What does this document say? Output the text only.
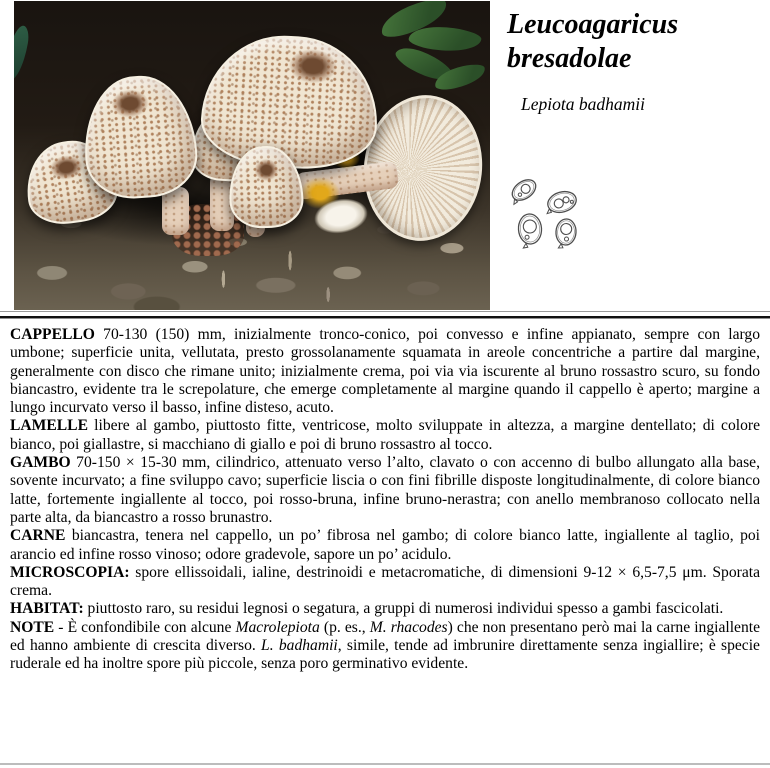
Leucoagaricus
bresadolae
Lepiota badhamii

CAPPELLO 70-130 (150) mm, inizialmente tronco-conico, poi convesso e infine appianato, sempre con largo umbone; superficie unita, vellutata, presto grossolanamente squamata in areole concentriche a partire dal margine, generalmente con disco che rimane unito; inizialmente crema, poi via via iscurente al bruno rossastro scuro, su fondo biancastro, evidente tra le screpolature, che emerge completamente al margine quando il cappello è aperto; margine a lungo incurvato verso il basso, infine disteso, acuto.

LAMELLE libere al gambo, piuttosto fitte, ventricose, molto sviluppate in altezza, a margine dentellato; di colore bianco, poi giallastre, si macchiano di giallo e poi di bruno rossastro al tocco.

GAMBO 70-150 × 15-30 mm, cilindrico, attenuato verso l’alto, clavato o con accenno di bulbo allungato alla base, sovente incurvato; a fine sviluppo cavo; superficie liscia o con fini fibrille disposte longitudinalmente, di colore bianco latte, fortemente ingiallente al tocco, poi rosso-bruna, infine bruno-nerastra; con anello membranoso collocato nella parte alta, da biancastro a rosso brunastro.

CARNE biancastra, tenera nel cappello, un po’ fibrosa nel gambo; di colore bianco latte, ingiallente al taglio, poi arancio ed infine rosso vinoso; odore gradevole, sapore un po’ acidulo.

MICROSCOPIA: spore ellissoidali, ialine, destrinoidi e metacromatiche, di dimensioni 9-12 × 6,5-7,5 μm. Sporata crema.

HABITAT: piuttosto raro, su residui legnosi o segatura, a gruppi di numerosi individui spesso a gambi fascicolati.

NOTE - È confondibile con alcune Macrolepiota (p. es., M. rhacodes) che non presentano però mai la carne ingiallente ed hanno ambiente di crescita diverso. L. badhamii, simile, tende ad imbrunire direttamente senza ingiallire; è specie ruderale ed ha inoltre spore più piccole, senza poro germinativo evidente.
